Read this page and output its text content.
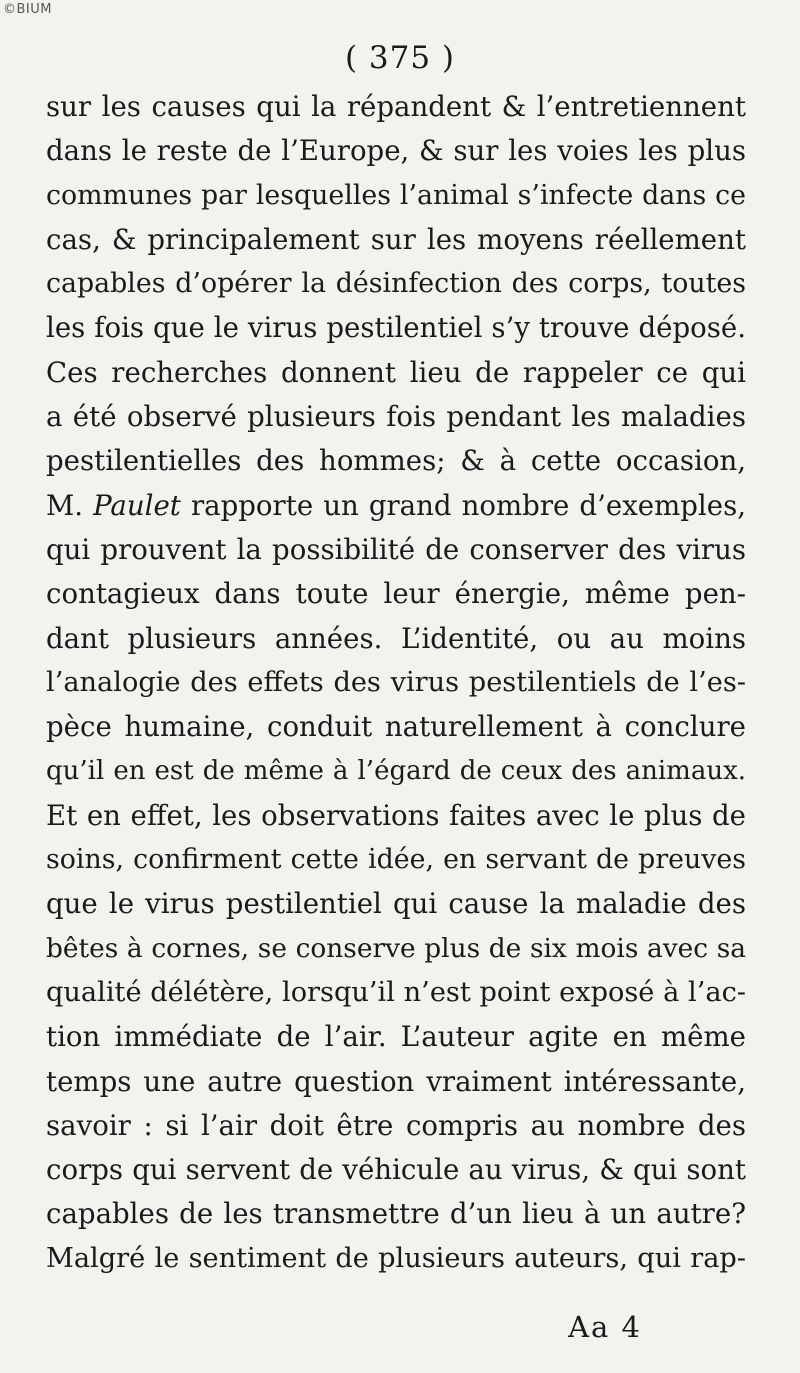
©BIUM
( 375 )
sur les causes qui la répandent & l’entretiennent
dans le reste de l’Europe, & sur les voies les plus
communes par lesquelles l’animal s’infecte dans ce
cas, & principalement sur les moyens réellement
capables d’opérer la désinfection des corps, toutes
les fois que le virus pestilentiel s’y trouve déposé.
Ces recherches donnent lieu de rappeler ce qui
a été observé plusieurs fois pendant les maladies
pestilentielles des hommes; & à cette occasion,
M. Paulet rapporte un grand nombre d’exemples,
qui prouvent la possibilité de conserver des virus
contagieux dans toute leur énergie, même pen-
dant plusieurs années. L’identité, ou au moins
l’analogie des effets des virus pestilentiels de l’es-
pèce humaine, conduit naturellement à conclure
qu’il en est de même à l’égard de ceux des animaux.
Et en effet, les observations faites avec le plus de
soins, confirment cette idée, en servant de preuves
que le virus pestilentiel qui cause la maladie des
bêtes à cornes, se conserve plus de six mois avec sa
qualité délétère, lorsqu’il n’est point exposé à l’ac-
tion immédiate de l’air. L’auteur agite en même
temps une autre question vraiment intéressante,
savoir : si l’air doit être compris au nombre des
corps qui servent de véhicule au virus, & qui sont
capables de les transmettre d’un lieu à un autre?
Malgré le sentiment de plusieurs auteurs, qui rap-
Aa 4
